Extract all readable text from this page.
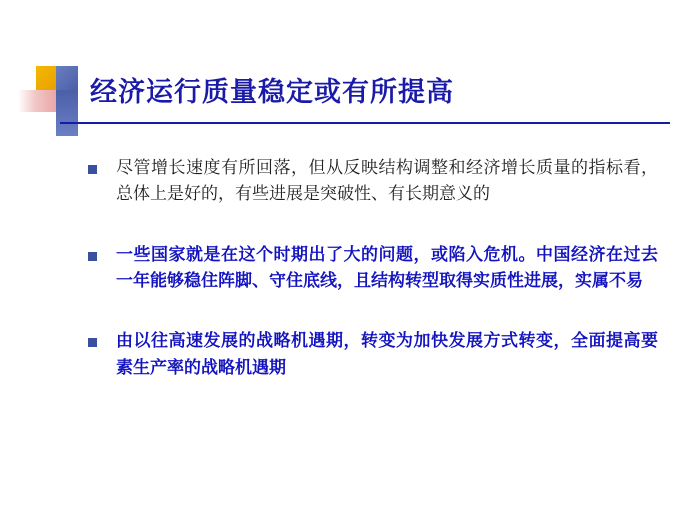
经济运行质量稳定或有所提高
尽管增长速度有所回落，但从反映结构调整和经济增长质量的指标看，总体上是好的，有些进展是突破性、有长期意义的
一些国家就是在这个时期出了大的问题，或陷入危机。中国经济在过去一年能够稳住阵脚、守住底线，且结构转型取得实质性进展，实属不易
由以往高速发展的战略机遇期，转变为加快发展方式转变，全面提高要素生产率的战略机遇期
